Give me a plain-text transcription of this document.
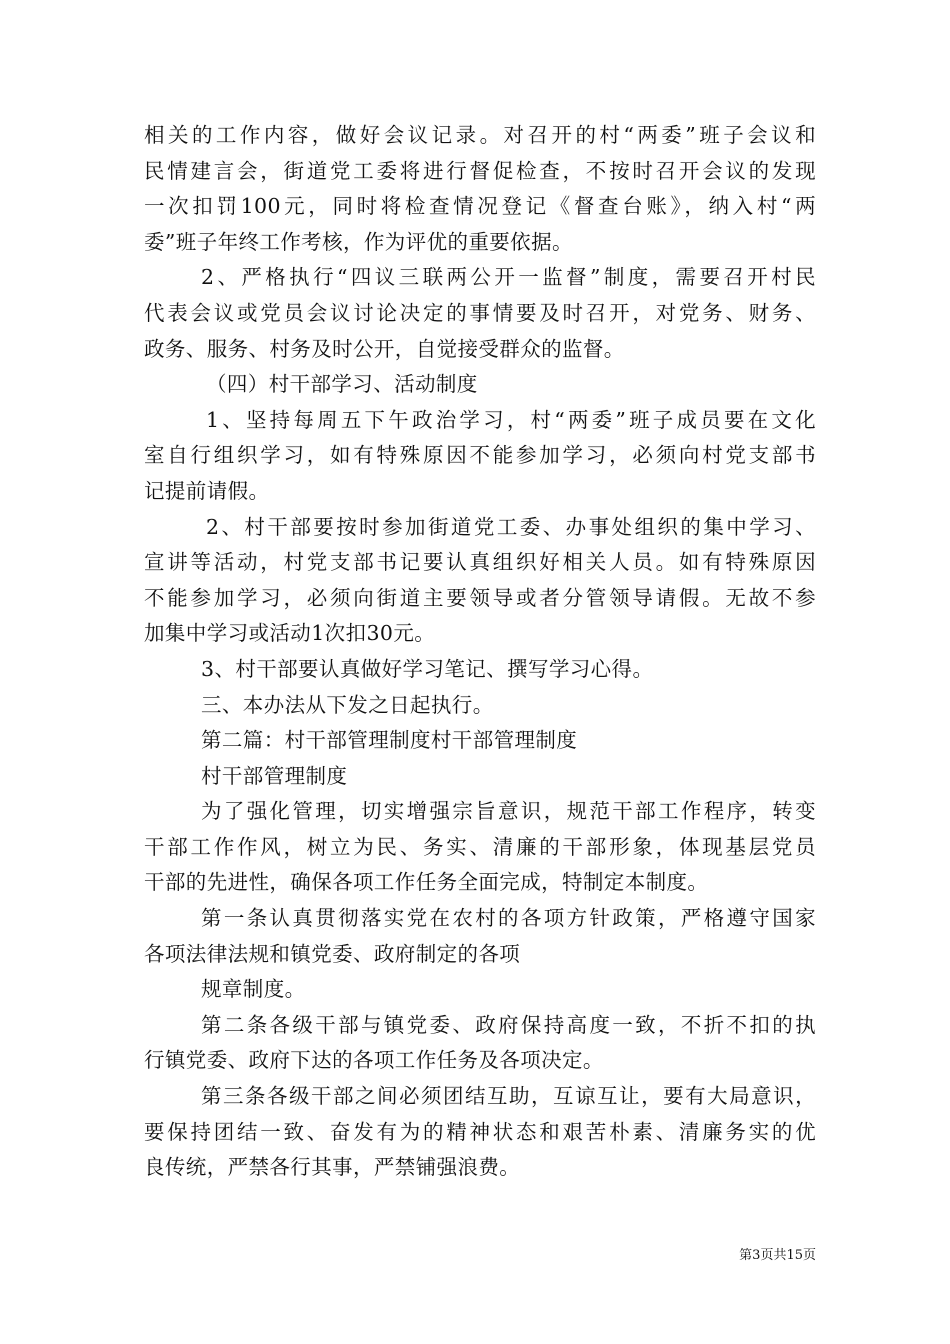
相关的工作内容，做好会议记录。对召开的村“两委”班子会议和
民情建言会，街道党工委将进行督促检查，不按时召开会议的发现
一次扣罚100元，同时将检查情况登记《督查台账》，纳入村“两
委”班子年终工作考核，作为评优的重要依据。
2、严格执行“四议三联两公开一监督”制度，需要召开村民
代表会议或党员会议讨论决定的事情要及时召开，对党务、财务、
政务、服务、村务及时公开，自觉接受群众的监督。
（四）村干部学习、活动制度
1、坚持每周五下午政治学习，村“两委”班子成员要在文化
室自行组织学习，如有特殊原因不能参加学习，必须向村党支部书
记提前请假。
2、村干部要按时参加街道党工委、办事处组织的集中学习、
宣讲等活动，村党支部书记要认真组织好相关人员。如有特殊原因
不能参加学习，必须向街道主要领导或者分管领导请假。无故不参
加集中学习或活动1次扣30元。
3、村干部要认真做好学习笔记、撰写学习心得。
三、本办法从下发之日起执行。
第二篇：村干部管理制度村干部管理制度
村干部管理制度
为了强化管理，切实增强宗旨意识，规范干部工作程序，转变
干部工作作风，树立为民、务实、清廉的干部形象，体现基层党员
干部的先进性，确保各项工作任务全面完成，特制定本制度。
第一条认真贯彻落实党在农村的各项方针政策，严格遵守国家
各项法律法规和镇党委、政府制定的各项
规章制度。
第二条各级干部与镇党委、政府保持高度一致，不折不扣的执
行镇党委、政府下达的各项工作任务及各项决定。
第三条各级干部之间必须团结互助，互谅互让，要有大局意识，
要保持团结一致、奋发有为的精神状态和艰苦朴素、清廉务实的优
良传统，严禁各行其事，严禁铺强浪费。
第3页共15页
